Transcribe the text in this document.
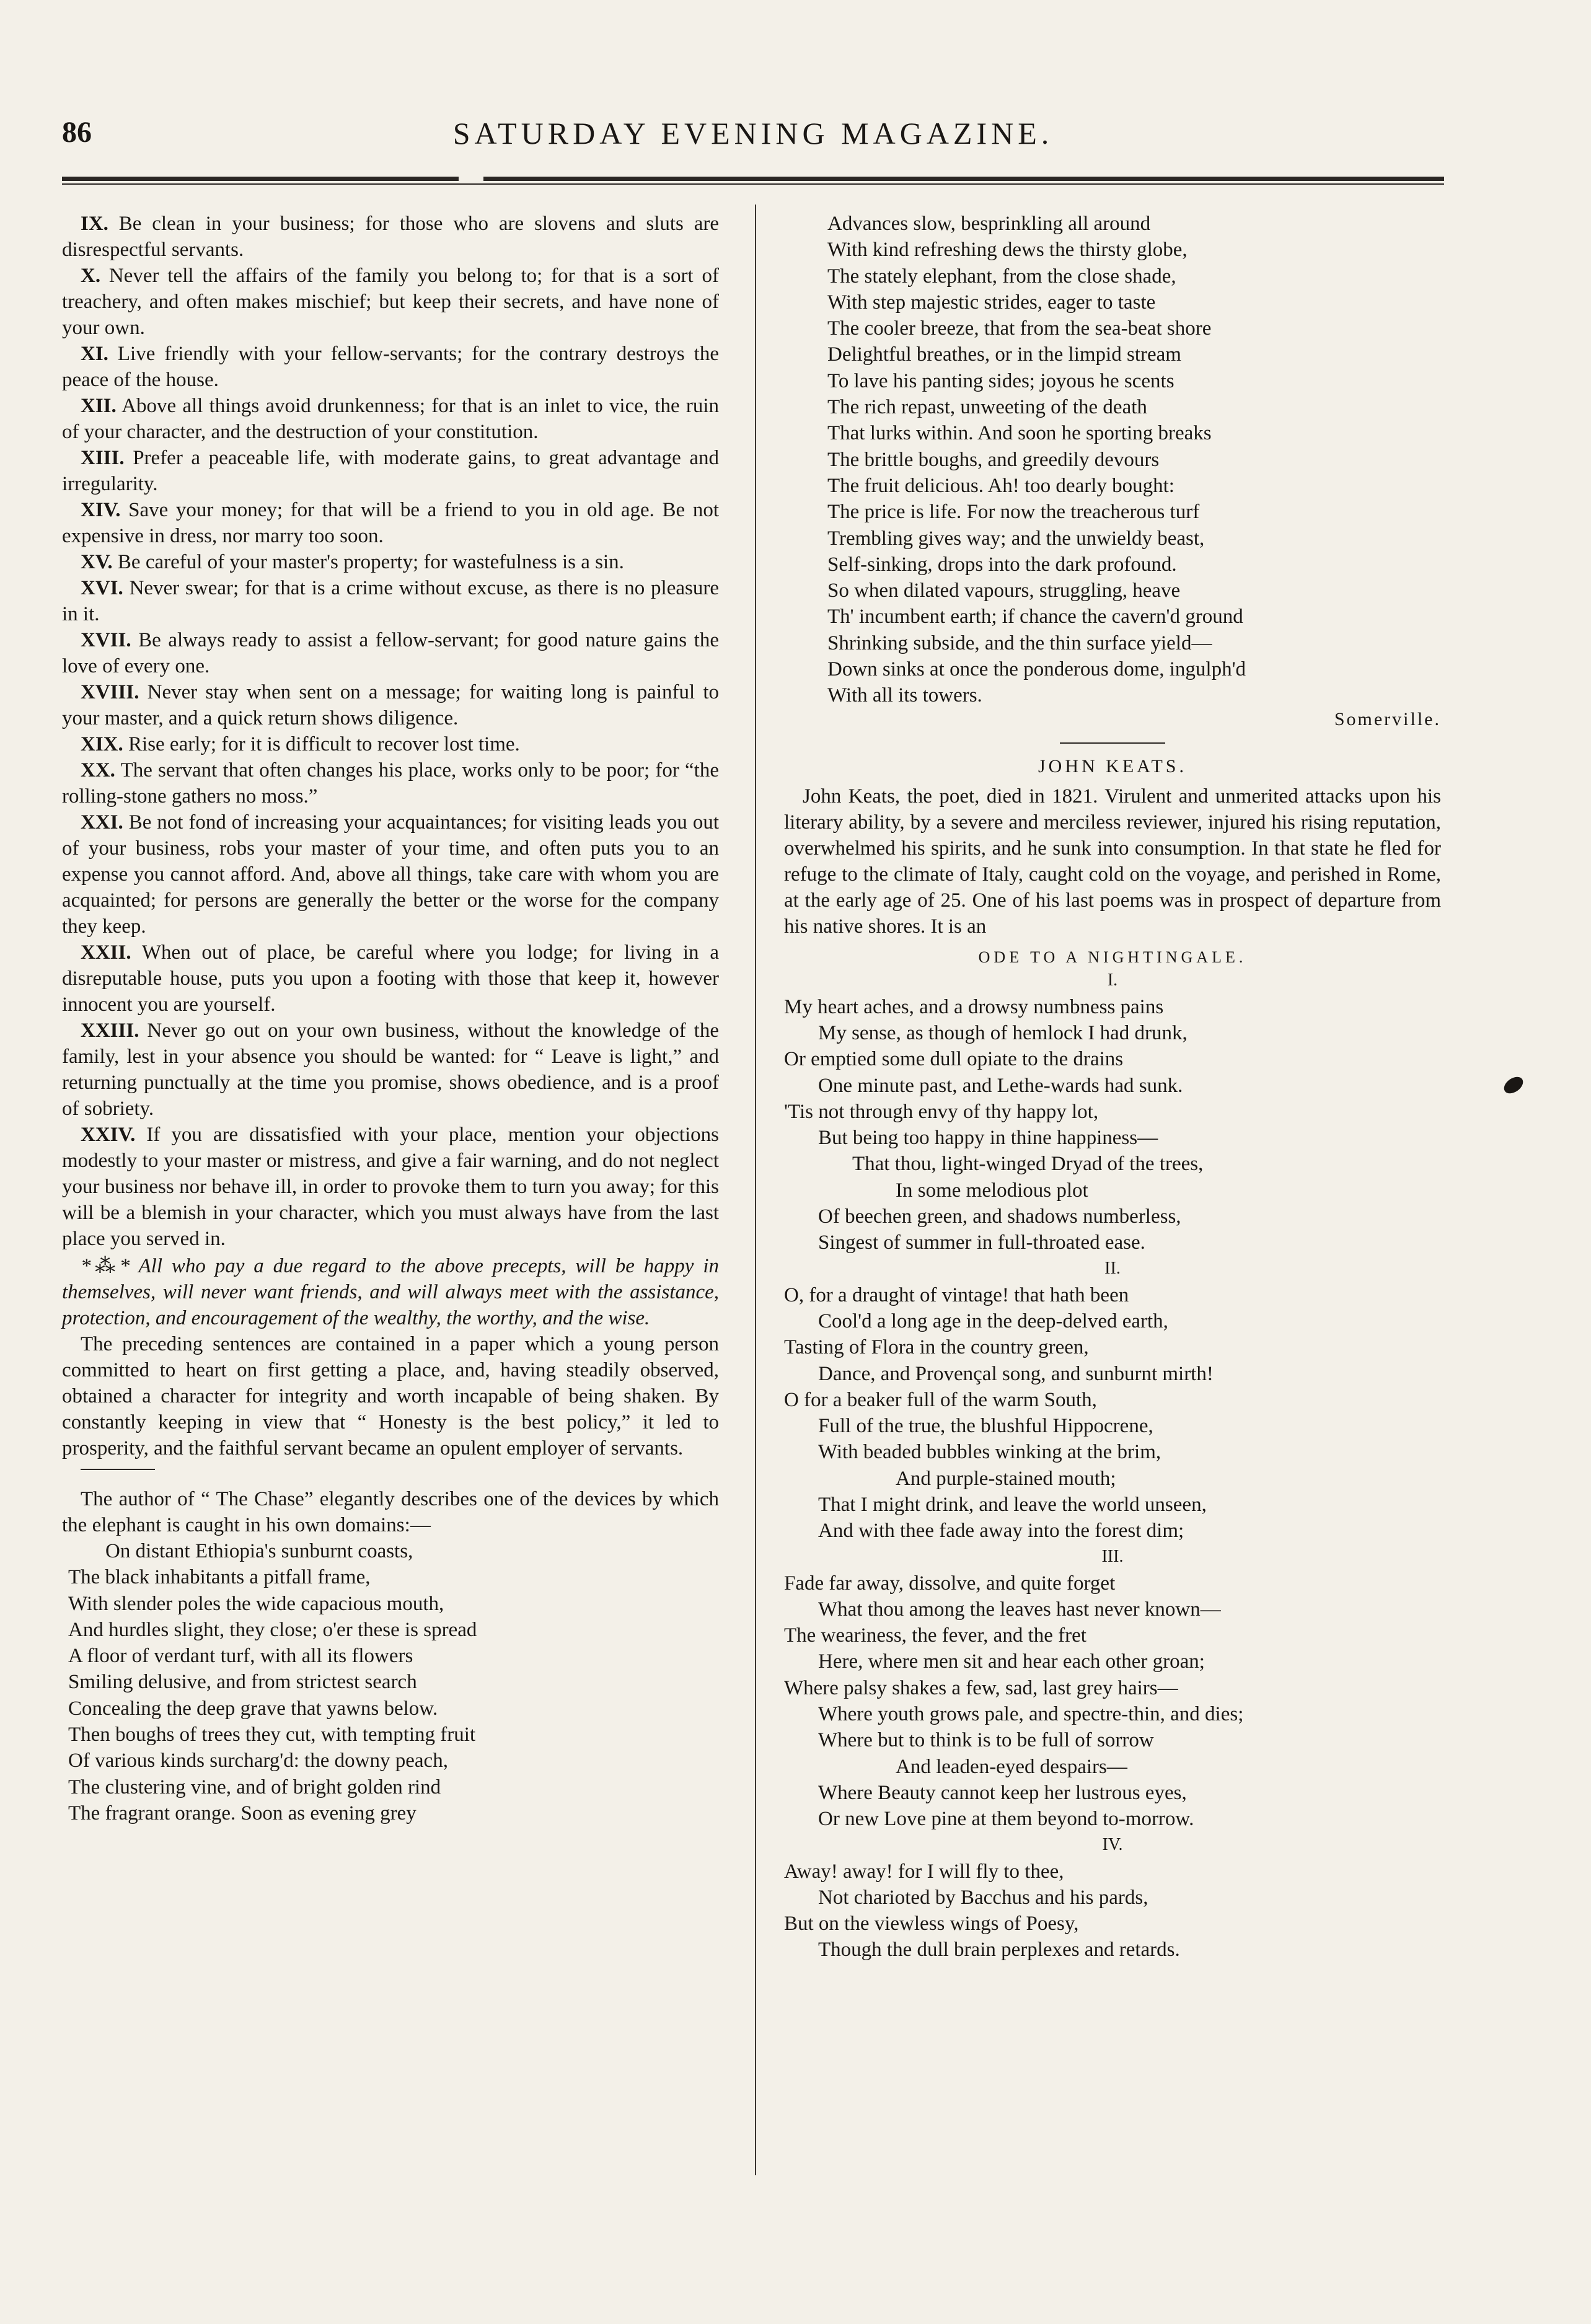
86	SATURDAY EVENING MAGAZINE.

IX. Be clean in your business; for those who are slovens and sluts are disrespectful servants.

X. Never tell the affairs of the family you belong to; for that is a sort of treachery, and often makes mischief; but keep their secrets, and have none of your own.

XI. Live friendly with your fellow-servants; for the contrary destroys the peace of the house.

XII. Above all things avoid drunkenness; for that is an inlet to vice, the ruin of your character, and the destruction of your constitution.

XIII. Prefer a peaceable life, with moderate gains, to great advantage and irregularity.

XIV. Save your money; for that will be a friend to you in old age. Be not expensive in dress, nor marry too soon.

XV. Be careful of your master's property; for wastefulness is a sin.

XVI. Never swear; for that is a crime without excuse, as there is no pleasure in it.

XVII. Be always ready to assist a fellow-servant; for good nature gains the love of every one.

XVIII. Never stay when sent on a message; for waiting long is painful to your master, and a quick return shows diligence.

XIX. Rise early; for it is difficult to recover lost time.

XX. The servant that often changes his place, works only to be poor; for “the rolling-stone gathers no moss.”

XXI. Be not fond of increasing your acquaintances; for visiting leads you out of your business, robs your master of your time, and often puts you to an expense you cannot afford. And, above all things, take care with whom you are acquainted; for persons are generally the better or the worse for the company they keep.

XXII. When out of place, be careful where you lodge; for living in a disreputable house, puts you upon a footing with those that keep it, however innocent you are yourself.

XXIII. Never go out on your own business, without the knowledge of the family, lest in your absence you should be wanted: for “ Leave is light,” and returning punctually at the time you promise, shows obedience, and is a proof of sobriety.

XXIV. If you are dissatisfied with your place, mention your objections modestly to your master or mistress, and give a fair warning, and do not neglect your business nor behave ill, in order to provoke them to turn you away; for this will be a blemish in your character, which you must always have from the last place you served in.

*⁂* All who pay a due regard to the above precepts, will be happy in themselves, will never want friends, and will always meet with the assistance, protection, and encouragement of the wealthy, the worthy, and the wise.

The preceding sentences are contained in a paper which a young person committed to heart on first getting a place, and, having steadily observed, obtained a character for integrity and worth incapable of being shaken. By constantly keeping in view that “ Honesty is the best policy,” it led to prosperity, and the faithful servant became an opulent employer of servants.

The author of “ The Chase” elegantly describes one of the devices by which the elephant is caught in his own domains:—

On distant Ethiopia's sunburnt coasts,
The black inhabitants a pitfall frame,
With slender poles the wide capacious mouth,
And hurdles slight, they close; o'er these is spread
A floor of verdant turf, with all its flowers
Smiling delusive, and from strictest search
Concealing the deep grave that yawns below.
Then boughs of trees they cut, with tempting fruit
Of various kinds surcharg'd: the downy peach,
The clustering vine, and of bright golden rind
The fragrant orange. Soon as evening grey
Advances slow, besprinkling all around
With kind refreshing dews the thirsty globe,
The stately elephant, from the close shade,
With step majestic strides, eager to taste
The cooler breeze, that from the sea-beat shore
Delightful breathes, or in the limpid stream
To lave his panting sides; joyous he scents
The rich repast, unweeting of the death
That lurks within. And soon he sporting breaks
The brittle boughs, and greedily devours
The fruit delicious. Ah! too dearly bought:
The price is life. For now the treacherous turf
Trembling gives way; and the unwieldy beast,
Self-sinking, drops into the dark profound.
So when dilated vapours, struggling, heave
Th' incumbent earth; if chance the cavern'd ground
Shrinking subside, and the thin surface yield—
Down sinks at once the ponderous dome, ingulph'd
With all its towers.
Somerville.

JOHN KEATS.

John Keats, the poet, died in 1821. Virulent and unmerited attacks upon his literary ability, by a severe and merciless reviewer, injured his rising reputation, overwhelmed his spirits, and he sunk into consumption. In that state he fled for refuge to the climate of Italy, caught cold on the voyage, and perished in Rome, at the early age of 25. One of his last poems was in prospect of departure from his native shores. It is an

ODE TO A NIGHTINGALE.

I.

My heart aches, and a drowsy numbness pains
My sense, as though of hemlock I had drunk,
Or emptied some dull opiate to the drains
One minute past, and Lethe-wards had sunk.
'Tis not through envy of thy happy lot,
But being too happy in thine happiness—
That thou, light-winged Dryad of the trees,
In some melodious plot
Of beechen green, and shadows numberless,
Singest of summer in full-throated ease.

II.

O, for a draught of vintage! that hath been
Cool'd a long age in the deep-delved earth,
Tasting of Flora in the country green,
Dance, and Provençal song, and sunburnt mirth!
O for a beaker full of the warm South,
Full of the true, the blushful Hippocrene,
With beaded bubbles winking at the brim,
And purple-stained mouth;
That I might drink, and leave the world unseen,
And with thee fade away into the forest dim;

III.

Fade far away, dissolve, and quite forget
What thou among the leaves hast never known—
The weariness, the fever, and the fret
Here, where men sit and hear each other groan;
Where palsy shakes a few, sad, last grey hairs—
Where youth grows pale, and spectre-thin, and dies;
Where but to think is to be full of sorrow
And leaden-eyed despairs—
Where Beauty cannot keep her lustrous eyes,
Or new Love pine at them beyond to-morrow.

IV.

Away! away! for I will fly to thee,
Not charioted by Bacchus and his pards,
But on the viewless wings of Poesy,
Though the dull brain perplexes and retards.
